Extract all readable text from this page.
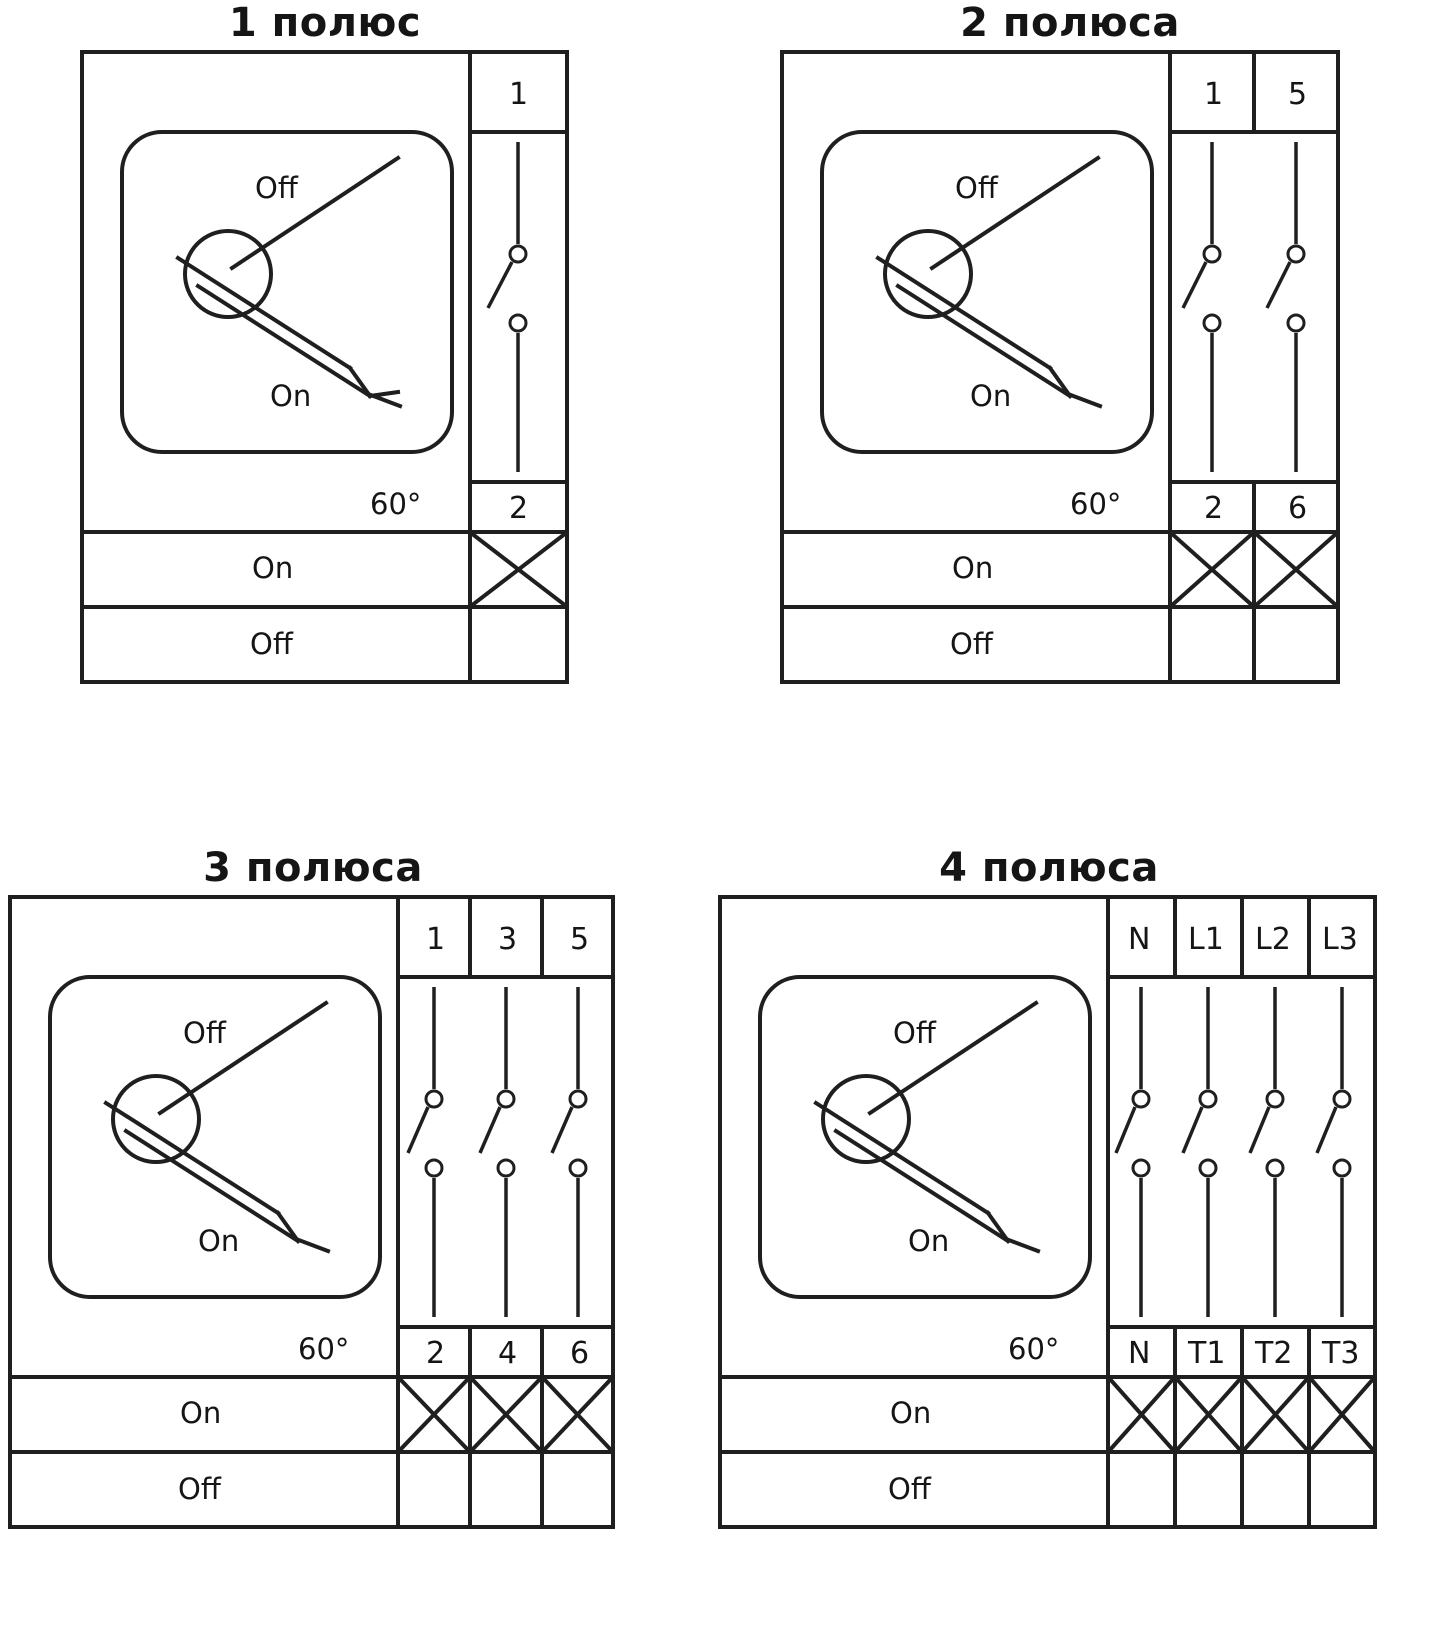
1 полюс
Off
On
60°
1
2
On
Off
2 полюса
Off
On
60°
1 5
2 6
On
Off
3 полюса
Off
On
60°
1 3 5
2 4 6
On
Off
4 полюса
Off
On
60°
N L1 L2 L3
N T1 T2 T3
On
Off
